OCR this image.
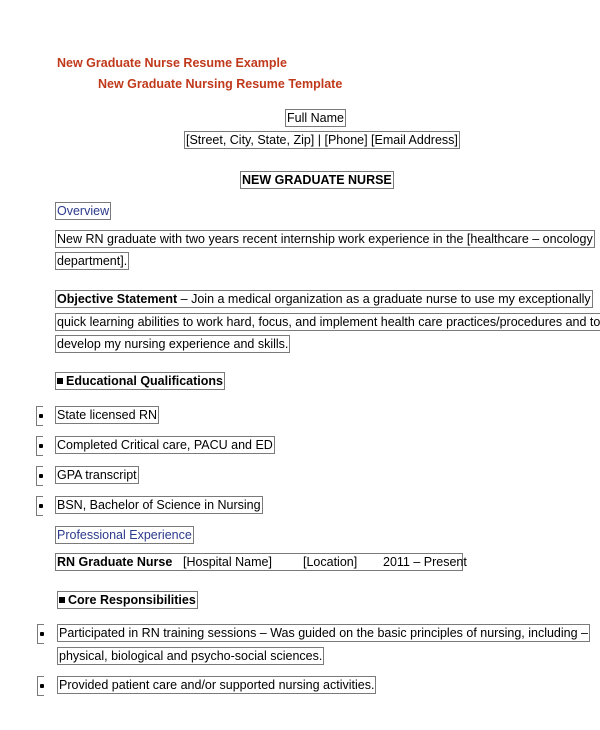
New Graduate Nurse Resume Example
New Graduate Nursing Resume Template
Full Name
[Street, City, State, Zip] | [Phone] [Email Address]
NEW GRADUATE NURSE
Overview
New RN graduate with two years recent internship work experience in the [healthcare – oncology
department].
Objective Statement – Join a medical organization as a graduate nurse to use my exceptionally
quick learning abilities to work hard, focus, and implement health care practices/procedures and to
develop my nursing experience and skills.
Educational Qualifications
State licensed RN
Completed Critical care, PACU and ED
GPA transcript
BSN, Bachelor of Science in Nursing
Professional Experience
RN Graduate Nurse [Hospital Name] [Location] 2011 – Present
Core Responsibilities
Participated in RN training sessions – Was guided on the basic principles of nursing, including –
physical, biological and psycho-social sciences.
Provided patient care and/or supported nursing activities.
